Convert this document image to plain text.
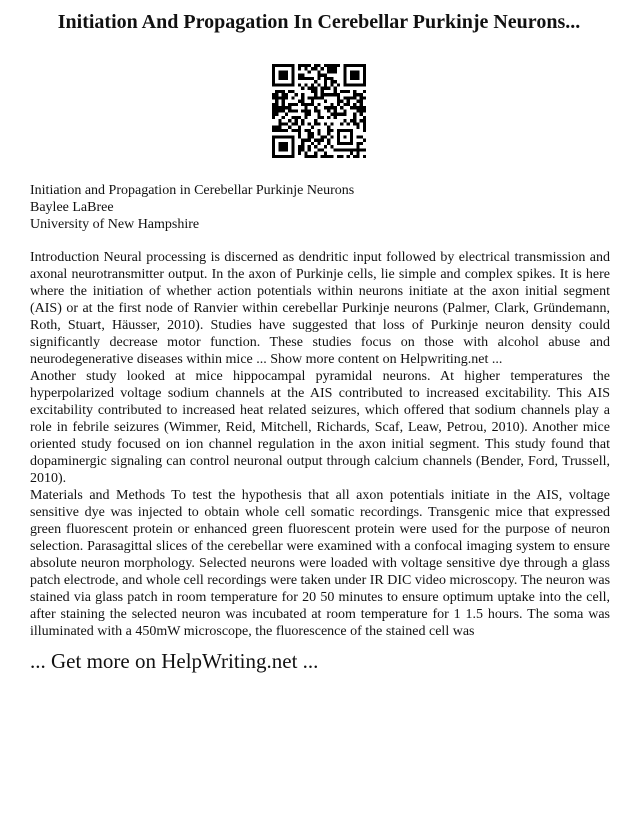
Initiation And Propagation In Cerebellar Purkinje Neurons...
Initiation and Propagation in Cerebellar Purkinje Neurons
Baylee LaBree
University of New Hampshire

Introduction Neural processing is discerned as dendritic input followed by electrical transmission and axonal neurotransmitter output. In the axon of Purkinje cells, lie simple and complex spikes. It is here where the initiation of whether action potentials within neurons initiate at the axon initial segment (AIS) or at the first node of Ranvier within cerebellar Purkinje neurons (Palmer, Clark, Gründemann, Roth, Stuart, Häusser, 2010). Studies have suggested that loss of Purkinje neuron density could significantly decrease motor function. These studies focus on those with alcohol abuse and neurodegenerative diseases within mice ... Show more content on Helpwriting.net ...

Another study looked at mice hippocampal pyramidal neurons. At higher temperatures the hyperpolarized voltage sodium channels at the AIS contributed to increased excitability. This AIS excitability contributed to increased heat related seizures, which offered that sodium channels play a role in febrile seizures (Wimmer, Reid, Mitchell, Richards, Scaf, Leaw, Petrou, 2010). Another mice oriented study focused on ion channel regulation in the axon initial segment. This study found that dopaminergic signaling can control neuronal output through calcium channels (Bender, Ford, Trussell, 2010).

Materials and Methods To test the hypothesis that all axon potentials initiate in the AIS, voltage sensitive dye was injected to obtain whole cell somatic recordings. Transgenic mice that expressed green fluorescent protein or enhanced green fluorescent protein were used for the purpose of neuron selection. Parasagittal slices of the cerebellar were examined with a confocal imaging system to ensure absolute neuron morphology. Selected neurons were loaded with voltage sensitive dye through a glass patch electrode, and whole cell recordings were taken under IR DIC video microscopy. The neuron was stained via glass patch in room temperature for 20 50 minutes to ensure optimum uptake into the cell, after staining the selected neuron was incubated at room temperature for 1 1.5 hours. The soma was illuminated with a 450mW microscope, the fluorescence of the stained cell was

... Get more on HelpWriting.net ...
